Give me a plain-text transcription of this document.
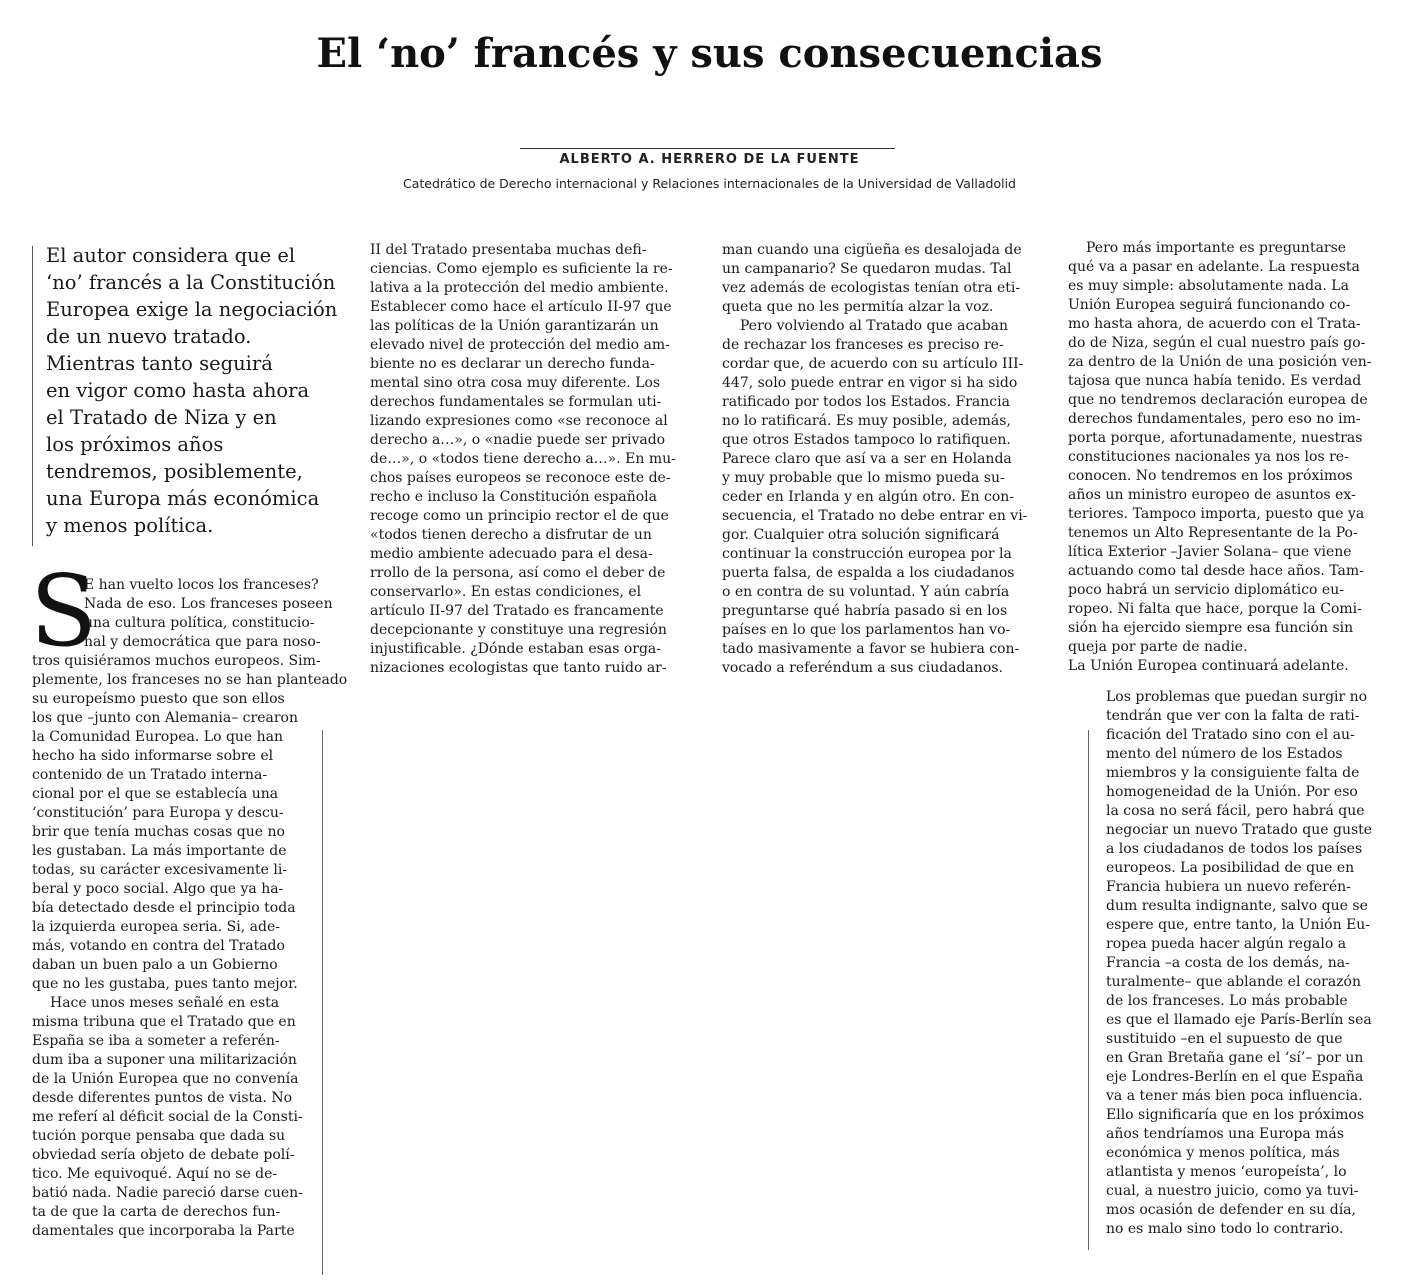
El ‘no’ francés y sus consecuencias
ALBERTO A. HERRERO DE LA FUENTE
Catedrático de Derecho internacional y Relaciones internacionales de la Universidad de Valladolid
El autor considera que el
‘no’ francés a la Constitución
Europea exige la negociación
de un nuevo tratado.
Mientras tanto seguirá
en vigor como hasta ahora
el Tratado de Niza y en
los próximos años
tendremos, posiblemente,
una Europa más económica
y menos política.
S
E han vuelto locos los franceses?
Nada de eso. Los franceses poseen
una cultura política, constitucio-
nal y democrática que para noso-
tros quisiéramos muchos europeos. Sim-
plemente, los franceses no se han planteado
su europeísmo puesto que son ellos
los que –junto con Alemania– crearon
la Comunidad Europea. Lo que han
hecho ha sido informarse sobre el
contenido de un Tratado interna-
cional por el que se establecía una
‘constitución’ para Europa y descu-
brir que tenía muchas cosas que no
les gustaban. La más importante de
todas, su carácter excesivamente li-
beral y poco social. Algo que ya ha-
bía detectado desde el principio toda
la izquierda europea seria. Si, ade-
más, votando en contra del Tratado
daban un buen palo a un Gobierno
que no les gustaba, pues tanto mejor.
Hace unos meses señalé en esta
misma tribuna que el Tratado que en
España se iba a someter a referén-
dum iba a suponer una militarización
de la Unión Europea que no convenía
desde diferentes puntos de vista. No
me referí al déficit social de la Consti-
tución porque pensaba que dada su
obviedad sería objeto de debate polí-
tico. Me equivoqué. Aquí no se de-
batió nada. Nadie pareció darse cuen-
ta de que la carta de derechos fun-
damentales que incorporaba la Parte
II del Tratado presentaba muchas defi-
ciencias. Como ejemplo es suficiente la re-
lativa a la protección del medio ambiente.
Establecer como hace el artículo II-97 que
las políticas de la Unión garantizarán un
elevado nivel de protección del medio am-
biente no es declarar un derecho funda-
mental sino otra cosa muy diferente. Los
derechos fundamentales se formulan uti-
lizando expresiones como «se reconoce al
derecho a…», o «nadie puede ser privado
de…», o «todos tiene derecho a…». En mu-
chos países europeos se reconoce este de-
recho e incluso la Constitución española
recoge como un principio rector el de que
«todos tienen derecho a disfrutar de un
medio ambiente adecuado para el desa-
rrollo de la persona, así como el deber de
conservarlo». En estas condiciones, el
artículo II-97 del Tratado es francamente
decepcionante y constituye una regresión
injustificable. ¿Dónde estaban esas orga-
nizaciones ecologistas que tanto ruido ar-
man cuando una cigüeña es desalojada de
un campanario? Se quedaron mudas. Tal
vez además de ecologistas tenían otra eti-
queta que no les permitía alzar la voz.
Pero volviendo al Tratado que acaban
de rechazar los franceses es preciso re-
cordar que, de acuerdo con su artículo III-
447, solo puede entrar en vigor si ha sido
ratificado por todos los Estados. Francia
no lo ratificará. Es muy posible, además,
que otros Estados tampoco lo ratifiquen.
Parece claro que así va a ser en Holanda
y muy probable que lo mismo pueda su-
ceder en Irlanda y en algún otro. En con-
secuencia, el Tratado no debe entrar en vi-
gor. Cualquier otra solución significará
continuar la construcción europea por la
puerta falsa, de espalda a los ciudadanos
o en contra de su voluntad. Y aún cabría
preguntarse qué habría pasado si en los
países en lo que los parlamentos han vo-
tado masivamente a favor se hubiera con-
vocado a referéndum a sus ciudadanos.
Pero más importante es preguntarse
qué va a pasar en adelante. La respuesta
es muy simple: absolutamente nada. La
Unión Europea seguirá funcionando co-
mo hasta ahora, de acuerdo con el Trata-
do de Niza, según el cual nuestro país go-
za dentro de la Unión de una posición ven-
tajosa que nunca había tenido. Es verdad
que no tendremos declaración europea de
derechos fundamentales, pero eso no im-
porta porque, afortunadamente, nuestras
constituciones nacionales ya nos los re-
conocen. No tendremos en los próximos
años un ministro europeo de asuntos ex-
teriores. Tampoco importa, puesto que ya
tenemos un Alto Representante de la Po-
lítica Exterior –Javier Solana– que viene
actuando como tal desde hace años. Tam-
poco habrá un servicio diplomático eu-
ropeo. Ni falta que hace, porque la Comi-
sión ha ejercido siempre esa función sin
queja por parte de nadie.
La Unión Europea continuará adelante.
Los problemas que puedan surgir no
tendrán que ver con la falta de rati-
ficación del Tratado sino con el au-
mento del número de los Estados
miembros y la consiguiente falta de
homogeneidad de la Unión. Por eso
la cosa no será fácil, pero habrá que
negociar un nuevo Tratado que guste
a los ciudadanos de todos los países
europeos. La posibilidad de que en
Francia hubiera un nuevo referén-
dum resulta indignante, salvo que se
espere que, entre tanto, la Unión Eu-
ropea pueda hacer algún regalo a
Francia –a costa de los demás, na-
turalmente– que ablande el corazón
de los franceses. Lo más probable
es que el llamado eje París-Berlín sea
sustituido –en el supuesto de que
en Gran Bretaña gane el ‘sí’– por un
eje Londres-Berlín en el que España
va a tener más bien poca influencia.
Ello significaría que en los próximos
años tendríamos una Europa más
económica y menos política, más
atlantista y menos ‘europeísta’, lo
cual, a nuestro juicio, como ya tuvi-
mos ocasión de defender en su día,
no es malo sino todo lo contrario.
